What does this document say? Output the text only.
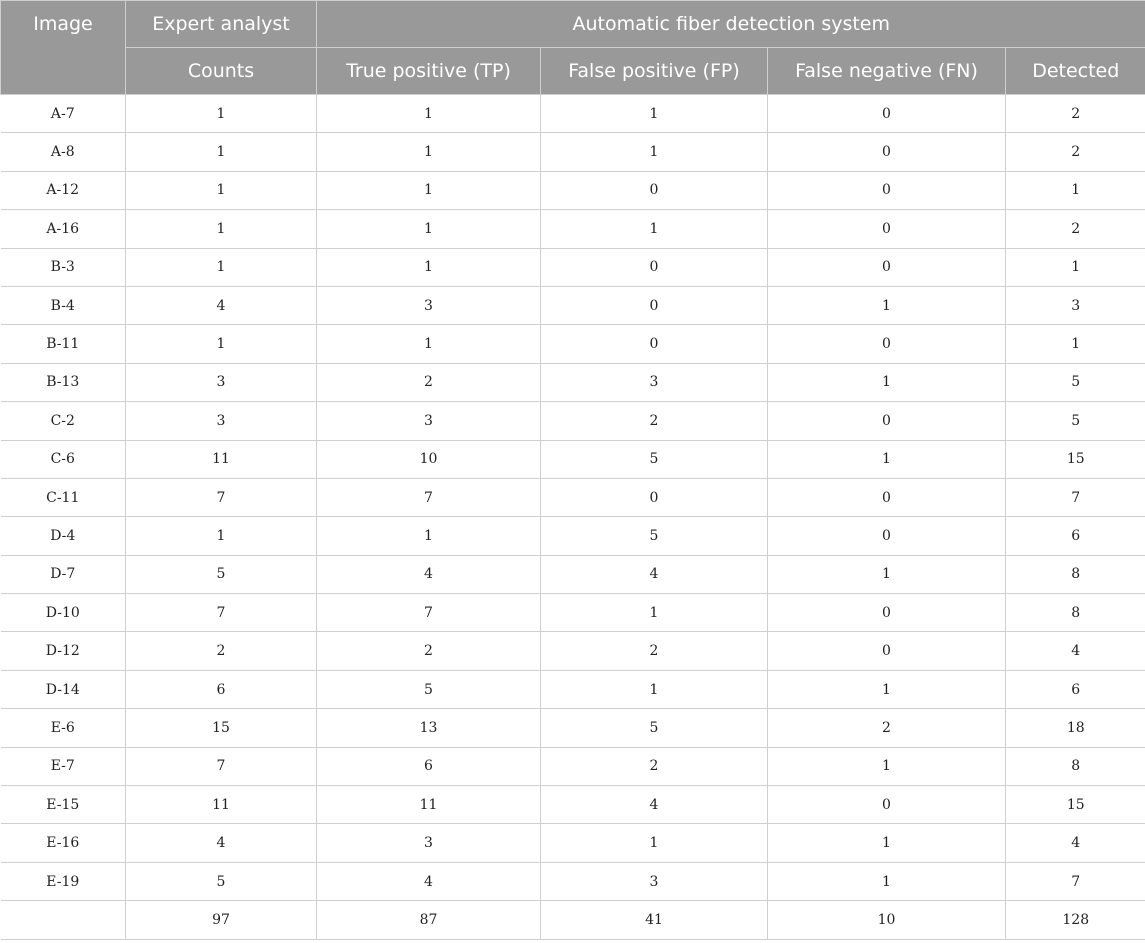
Image	Expert analyst	Automatic fiber detection system			
	Counts	True positive (TP)	False positive (FP)	False negative (FN)	Detected
A-7	1	1	1	0	2
A-8	1	1	1	0	2
A-12	1	1	0	0	1
A-16	1	1	1	0	2
B-3	1	1	0	0	1
B-4	4	3	0	1	3
B-11	1	1	0	0	1
B-13	3	2	3	1	5
C-2	3	3	2	0	5
C-6	11	10	5	1	15
C-11	7	7	0	0	7
D-4	1	1	5	0	6
D-7	5	4	4	1	8
D-10	7	7	1	0	8
D-12	2	2	2	0	4
D-14	6	5	1	1	6
E-6	15	13	5	2	18
E-7	7	6	2	1	8
E-15	11	11	4	0	15
E-16	4	3	1	1	4
E-19	5	4	3	1	7
	97	87	41	10	128
